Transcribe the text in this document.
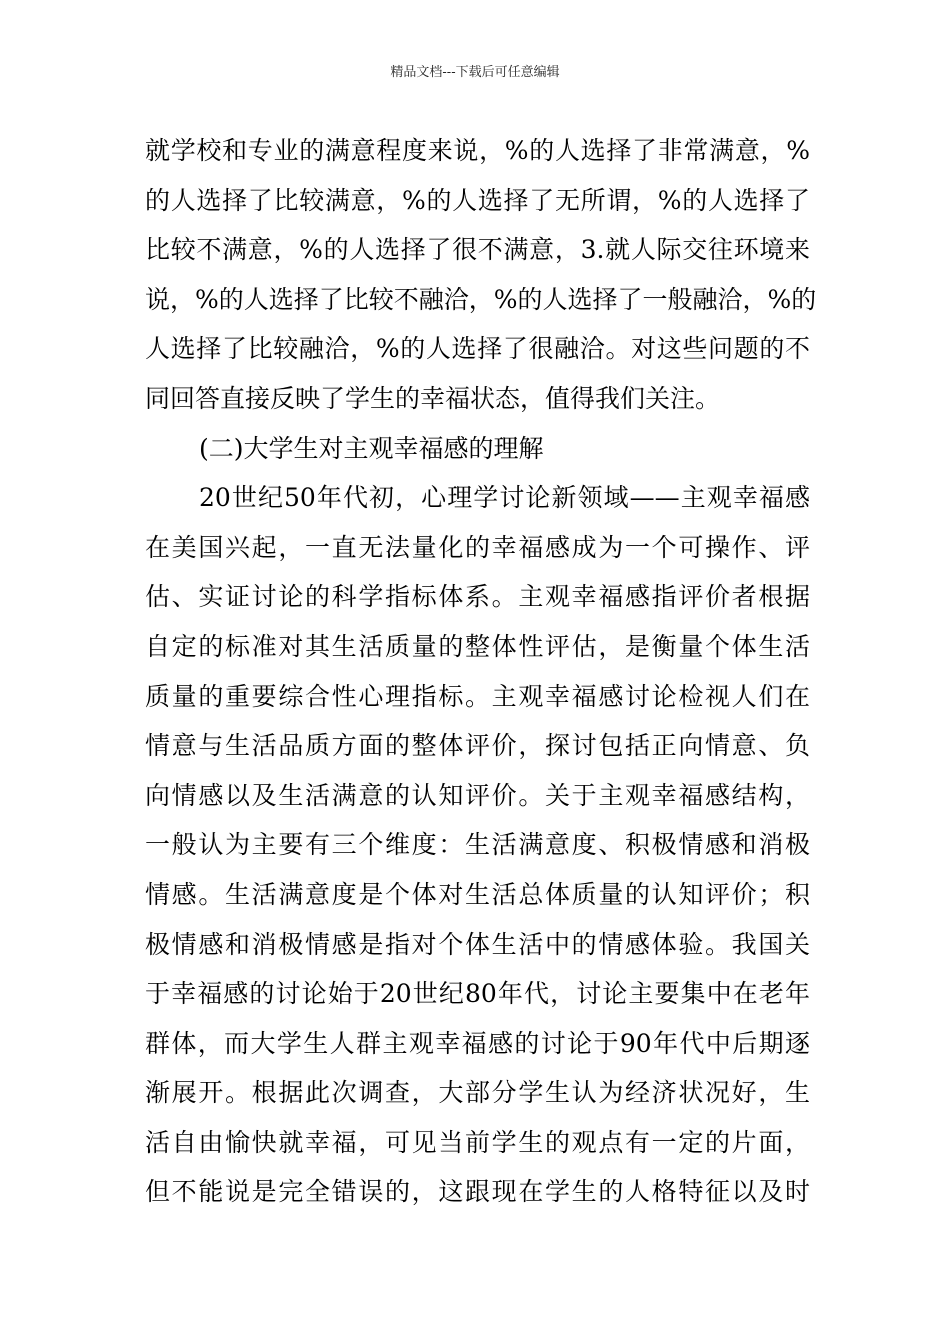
精品文档---下载后可任意编辑
就学校和专业的满意程度来说，%的人选择了非常满意，%
的人选择了比较满意，%的人选择了无所谓，%的人选择了
比较不满意，%的人选择了很不满意，3.就人际交往环境来
说，%的人选择了比较不融洽，%的人选择了一般融洽，%的
人选择了比较融洽，%的人选择了很融洽。对这些问题的不
同回答直接反映了学生的幸福状态，值得我们关注。
(二)大学生对主观幸福感的理解
20世纪50年代初，心理学讨论新领域——主观幸福感
在美国兴起，一直无法量化的幸福感成为一个可操作、评
估、实证讨论的科学指标体系。主观幸福感指评价者根据
自定的标准对其生活质量的整体性评估，是衡量个体生活
质量的重要综合性心理指标。主观幸福感讨论检视人们在
情意与生活品质方面的整体评价，探讨包括正向情意、负
向情感以及生活满意的认知评价。关于主观幸福感结构，
一般认为主要有三个维度：生活满意度、积极情感和消极
情感。生活满意度是个体对生活总体质量的认知评价；积
极情感和消极情感是指对个体生活中的情感体验。我国关
于幸福感的讨论始于20世纪80年代，讨论主要集中在老年
群体，而大学生人群主观幸福感的讨论于90年代中后期逐
渐展开。根据此次调查，大部分学生认为经济状况好，生
活自由愉快就幸福，可见当前学生的观点有一定的片面，
但不能说是完全错误的，这跟现在学生的人格特征以及时
